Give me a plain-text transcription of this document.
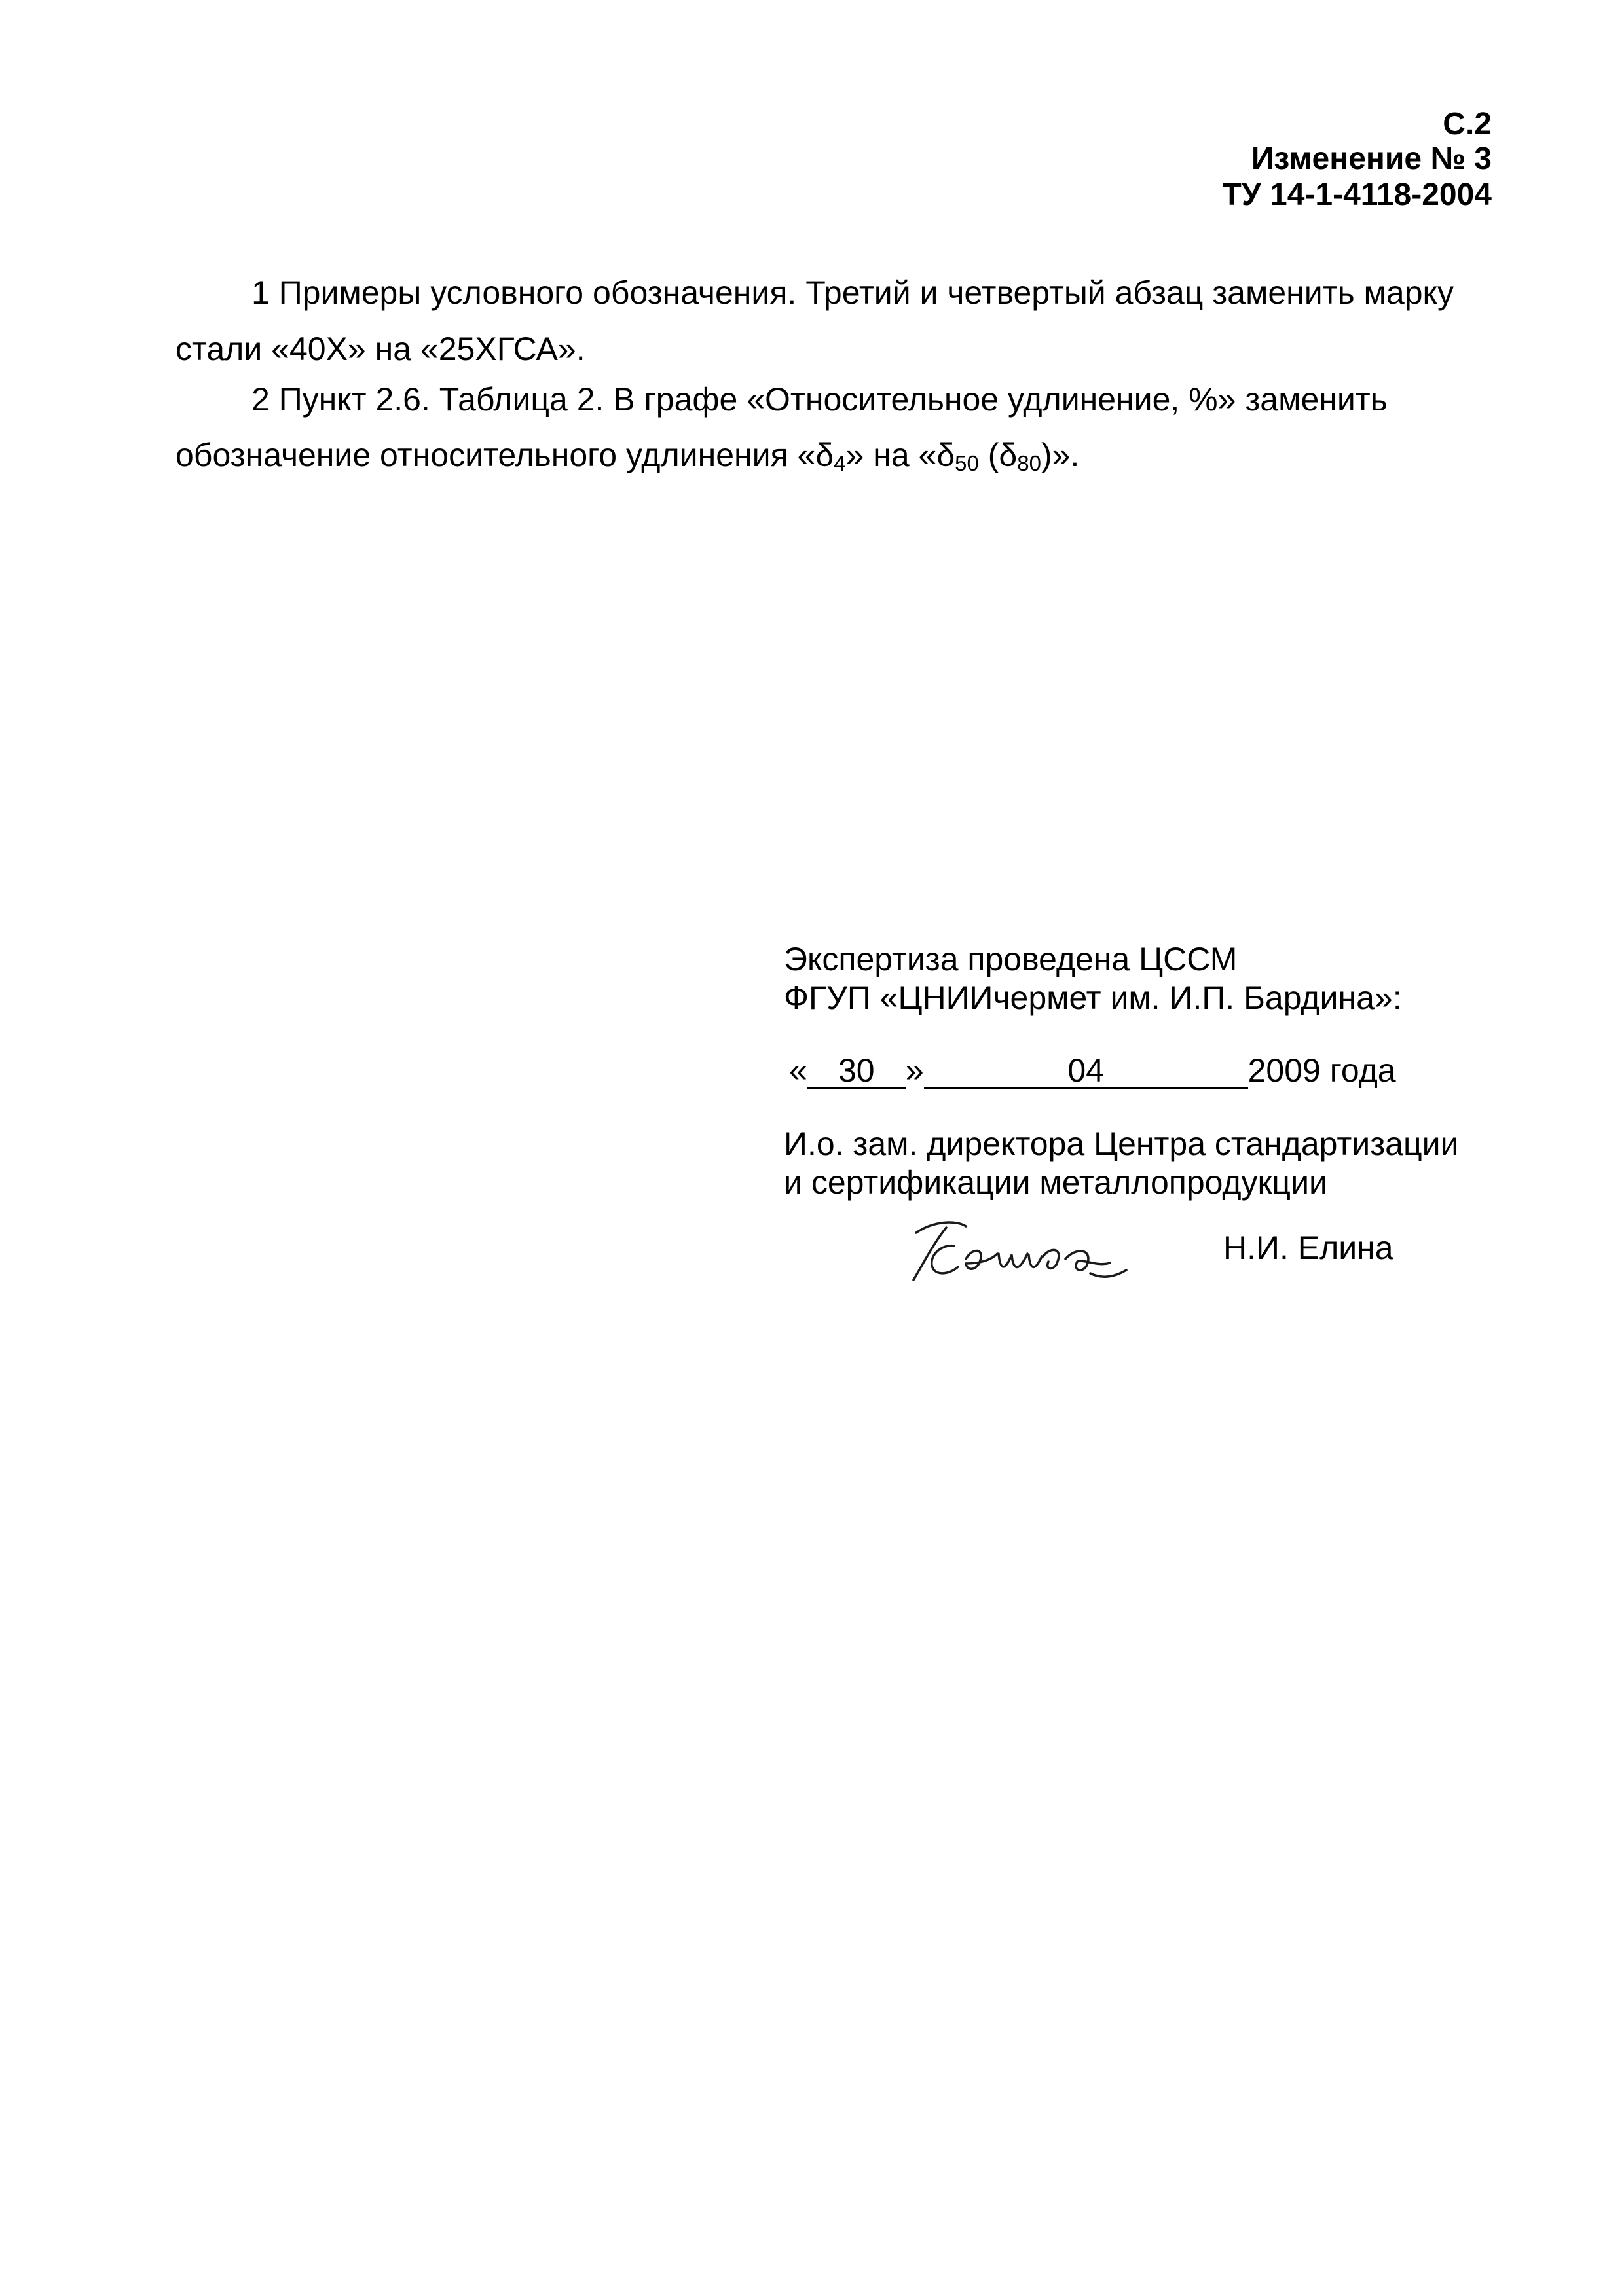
С.2
Изменение № 3
ТУ 14-1-4118-2004
1 Примеры условного обозначения. Третий и четвертый абзац заменить марку
стали «40Х» на «25ХГСА».
2 Пункт 2.6. Таблица 2. В графе «Относительное удлинение, %» заменить
обозначение относительного удлинения «$\delta_4$» на «$\delta_{50}$ $(\delta_{80})$».
Экспертиза проведена ЦССМ
ФГУП «ЦНИИчермет им. И.П. Бардина»:
« 30 »	04	2009 года
И.о. зам. директора Центра стандартизации
и сертификации металлопродукции
Н.И. Елина
